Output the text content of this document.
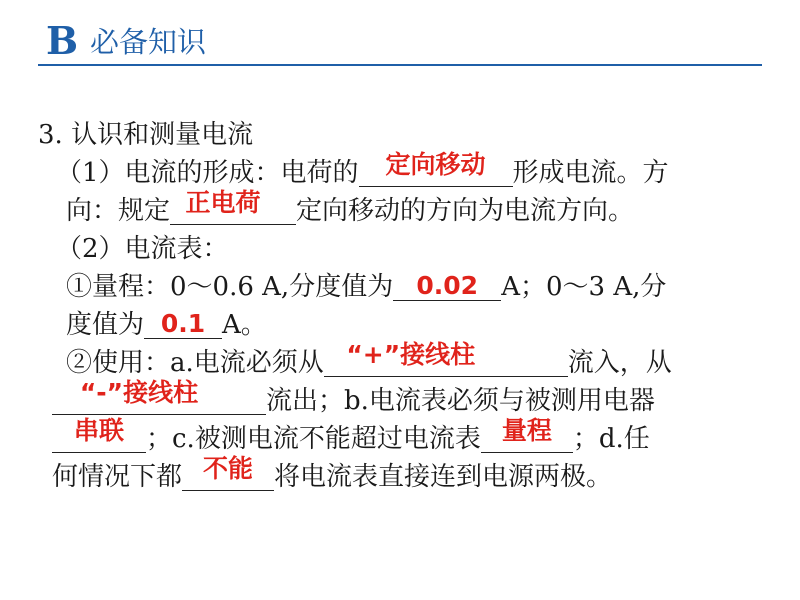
B 必备知识
3. 认识和测量电流
（1）电流的形成：电荷的	定向移动	形成电流。方
向：规定 正电荷	定向移动的方向为电流方向。
（2）电流表：
①量程：0～0.6 A,分度值为 0.02 A；0～3 A,分
度值为 0.1 A。
②使用：a.电流必须从 “+”接线柱	流入，从
“-”接线柱	流出；b.电流表必须与被测用电器
串联 ；c.被测电流不能超过电流表 量程 ；d.任
何情况下都 不能 将电流表直接连到电源两极。
